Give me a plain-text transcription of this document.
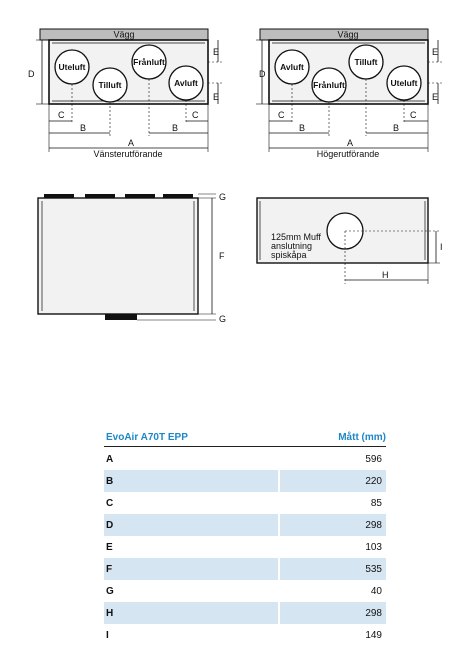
Vägg
Uteluft	Frånluft
Tilluft	Avluft
D
E
E
C	C
B	B
A
Vänsterutförande
Vägg
Avluft	Tilluft
Frånluft	Uteluft
D
E
E
C	C
B	B
A
Högerutförande
G
F
G
125mm Muff
anslutning
spiskåpa
I
H
EvoAir A70T EPP	Mått (mm)
A	596
B	220
C	85
D	298
E	103
F	535
G	40
H	298
I	149
